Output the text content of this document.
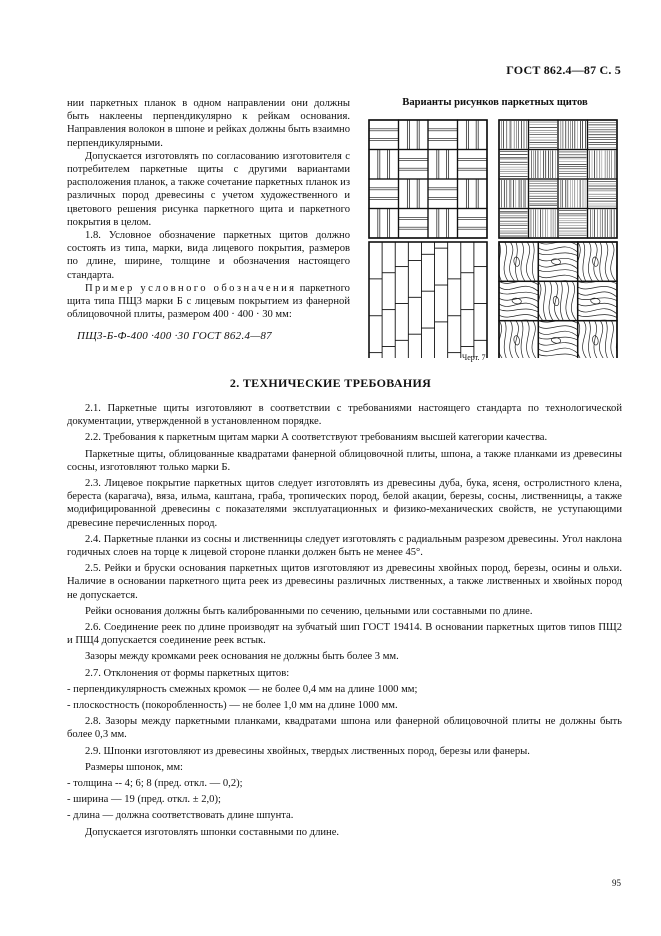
ГОСТ 862.4—87 С. 5

нии паркетных планок в одном направлении они должны быть наклеены перпендикулярно к рейкам основания. Направления волокон в шпоне и рейках должны быть взаимно перпендикулярными.

Допускается изготовлять по согласованию изготовителя с потребителем паркетные щиты с другими вариантами расположения планок, а также сочетание паркетных планок из различных пород древесины с учетом художественного и цветового решения рисунка паркетного щита и паркетного покрытия в целом.

1.8. Условное обозначение паркетных щитов должно состоять из типа, марки, вида лицевого покрытия, размеров по длине, ширине, толщине и обозначения настоящего стандарта.

Пример условного обозначения паркетного щита типа ПЩ3 марки Б с лицевым покрытием из фанерной облицовочной плиты, размером 400 · 400 · 30 мм:

ПЩ3-Б-Ф-400 ·400 ·30 ГОСТ 862.4—87

Варианты рисунков паркетных щитов
Черт. 7
2. ТЕХНИЧЕСКИЕ ТРЕБОВАНИЯ

2.1. Паркетные щиты изготовляют в соответствии с требованиями настоящего стандарта по технологической документации, утвержденной в установленном порядке.

2.2. Требования к паркетным щитам марки А соответствуют требованиям высшей категории качества.

Паркетные щиты, облицованные квадратами фанерной облицовочной плиты, шпона, а также планками из древесины сосны, изготовляют только марки Б.

2.3. Лицевое покрытие паркетных щитов следует изготовлять из древесины дуба, бука, ясеня, остролистного клена, береста (карагача), вяза, ильма, каштана, граба, тропических пород, белой акации, березы, сосны, лиственницы, а также модифицированной древесины с показателями эксплуатационных и физико-механических свойств, не уступающими древесине перечисленных пород.

2.4. Паркетные планки из сосны и лиственницы следует изготовлять с радиальным разрезом древесины. Угол наклона годичных слоев на торце к лицевой стороне планки должен быть не менее 45°.

2.5. Рейки и бруски основания паркетных щитов изготовляют из древесины хвойных пород, березы, осины и ольхи. Наличие в основании паркетного щита реек из древесины различных лиственных, а также лиственных и хвойных пород не допускается.

Рейки основания должны быть калиброванными по сечению, цельными или составными по длине.

2.6. Соединение реек по длине производят на зубчатый шип ГОСТ 19414. В основании паркетных щитов типов ПЩ2 и ПЩ4 допускается соединение реек встык.

Зазоры между кромками реек основания не должны быть более 3 мм.

2.7. Отклонения от формы паркетных щитов:

- перпендикулярность смежных кромок — не более 0,4 мм на длине 1000 мм;

- плоскостность (покоробленность) — не более 1,0 мм на длине 1000 мм.

2.8. Зазоры между паркетными планками, квадратами шпона или фанерной облицовочной плиты не должны быть более 0,3 мм.

2.9. Шпонки изготовляют из древесины хвойных, твердых лиственных пород, березы или фанеры.

Размеры шпонок, мм:

- толщина -- 4; 6; 8 (пред. откл. — 0,2);

- ширина — 19 (пред. откл. ± 2,0);

- длина — должна соответствовать длине шпунта.

Допускается изготовлять шпонки составными по длине.

95
